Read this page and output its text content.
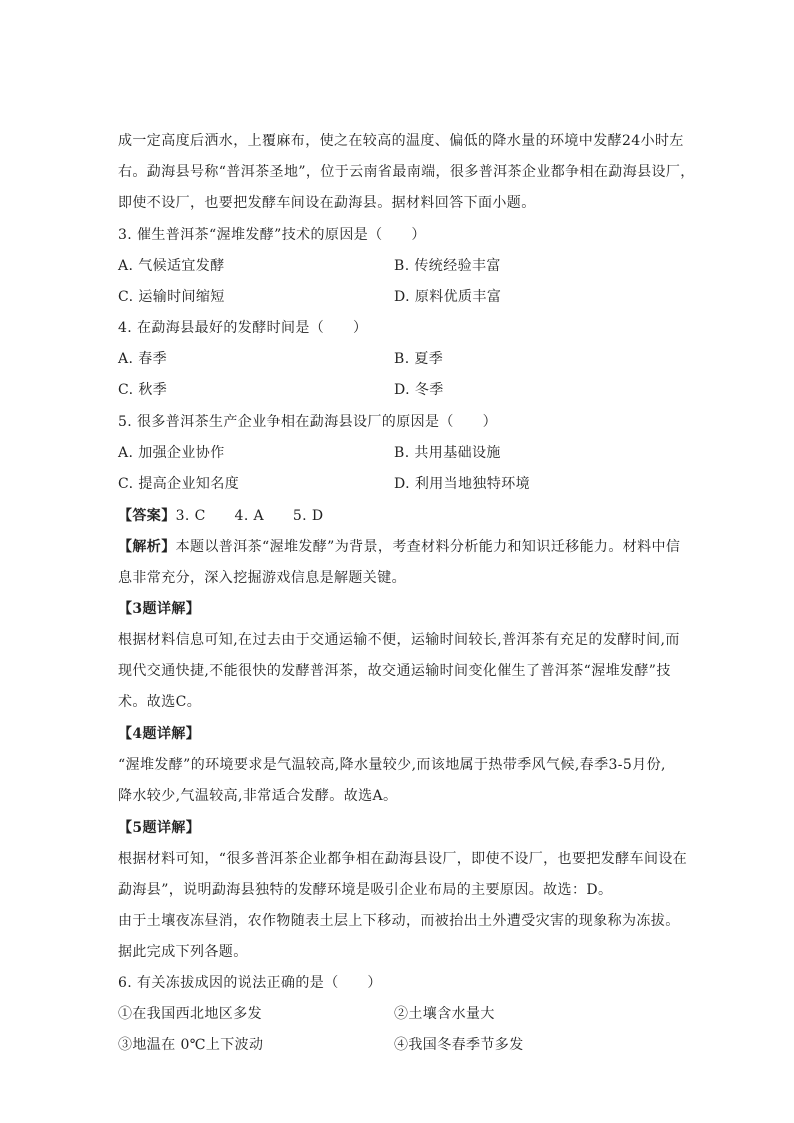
成一定高度后洒水，上覆麻布，使之在较高的温度、偏低的降水量的环境中发酵24小时左
右。勐海县号称“普洱茶圣地”，位于云南省最南端，很多普洱茶企业都争相在勐海县设厂，
即使不设厂，也要把发酵车间设在勐海县。据材料回答下面小题。
3. 催生普洱茶“渥堆发酵”技术的原因是（　　）
A. 气候适宜发酵	B. 传统经验丰富
C. 运输时间缩短	D. 原料优质丰富
4. 在勐海县最好的发酵时间是（　　）
A. 春季	B. 夏季
C. 秋季	D. 冬季
5. 很多普洱茶生产企业争相在勐海县设厂的原因是（　　）
A. 加强企业协作	B. 共用基础设施
C. 提高企业知名度	D. 利用当地独特环境
【答案】3. C　　4. A　　5. D
【解析】本题以普洱茶“渥堆发酵”为背景，考查材料分析能力和知识迁移能力。材料中信
息非常充分，深入挖掘游戏信息是解题关键。
【3题详解】
根据材料信息可知,在过去由于交通运输不便，运输时间较长,普洱茶有充足的发酵时间,而
现代交通快捷,不能很快的发酵普洱茶，故交通运输时间变化催生了普洱茶“渥堆发酵”技
术。故选C。
【4题详解】
“渥堆发酵”的环境要求是气温较高,降水量较少,而该地属于热带季风气候,春季3-5月份,
降水较少,气温较高,非常适合发酵。故选A。
【5题详解】
根据材料可知，“很多普洱茶企业都争相在勐海县设厂，即使不设厂，也要把发酵车间设在
勐海县”，说明勐海县独特的发酵环境是吸引企业布局的主要原因。故选：D。
由于土壤夜冻昼消，农作物随表土层上下移动，而被抬出土外遭受灾害的现象称为冻拔。
据此完成下列各题。
6. 有关冻拔成因的说法正确的是（　　）
①在我国西北地区多发	②土壤含水量大
③地温在 0℃上下波动	④我国冬春季节多发
